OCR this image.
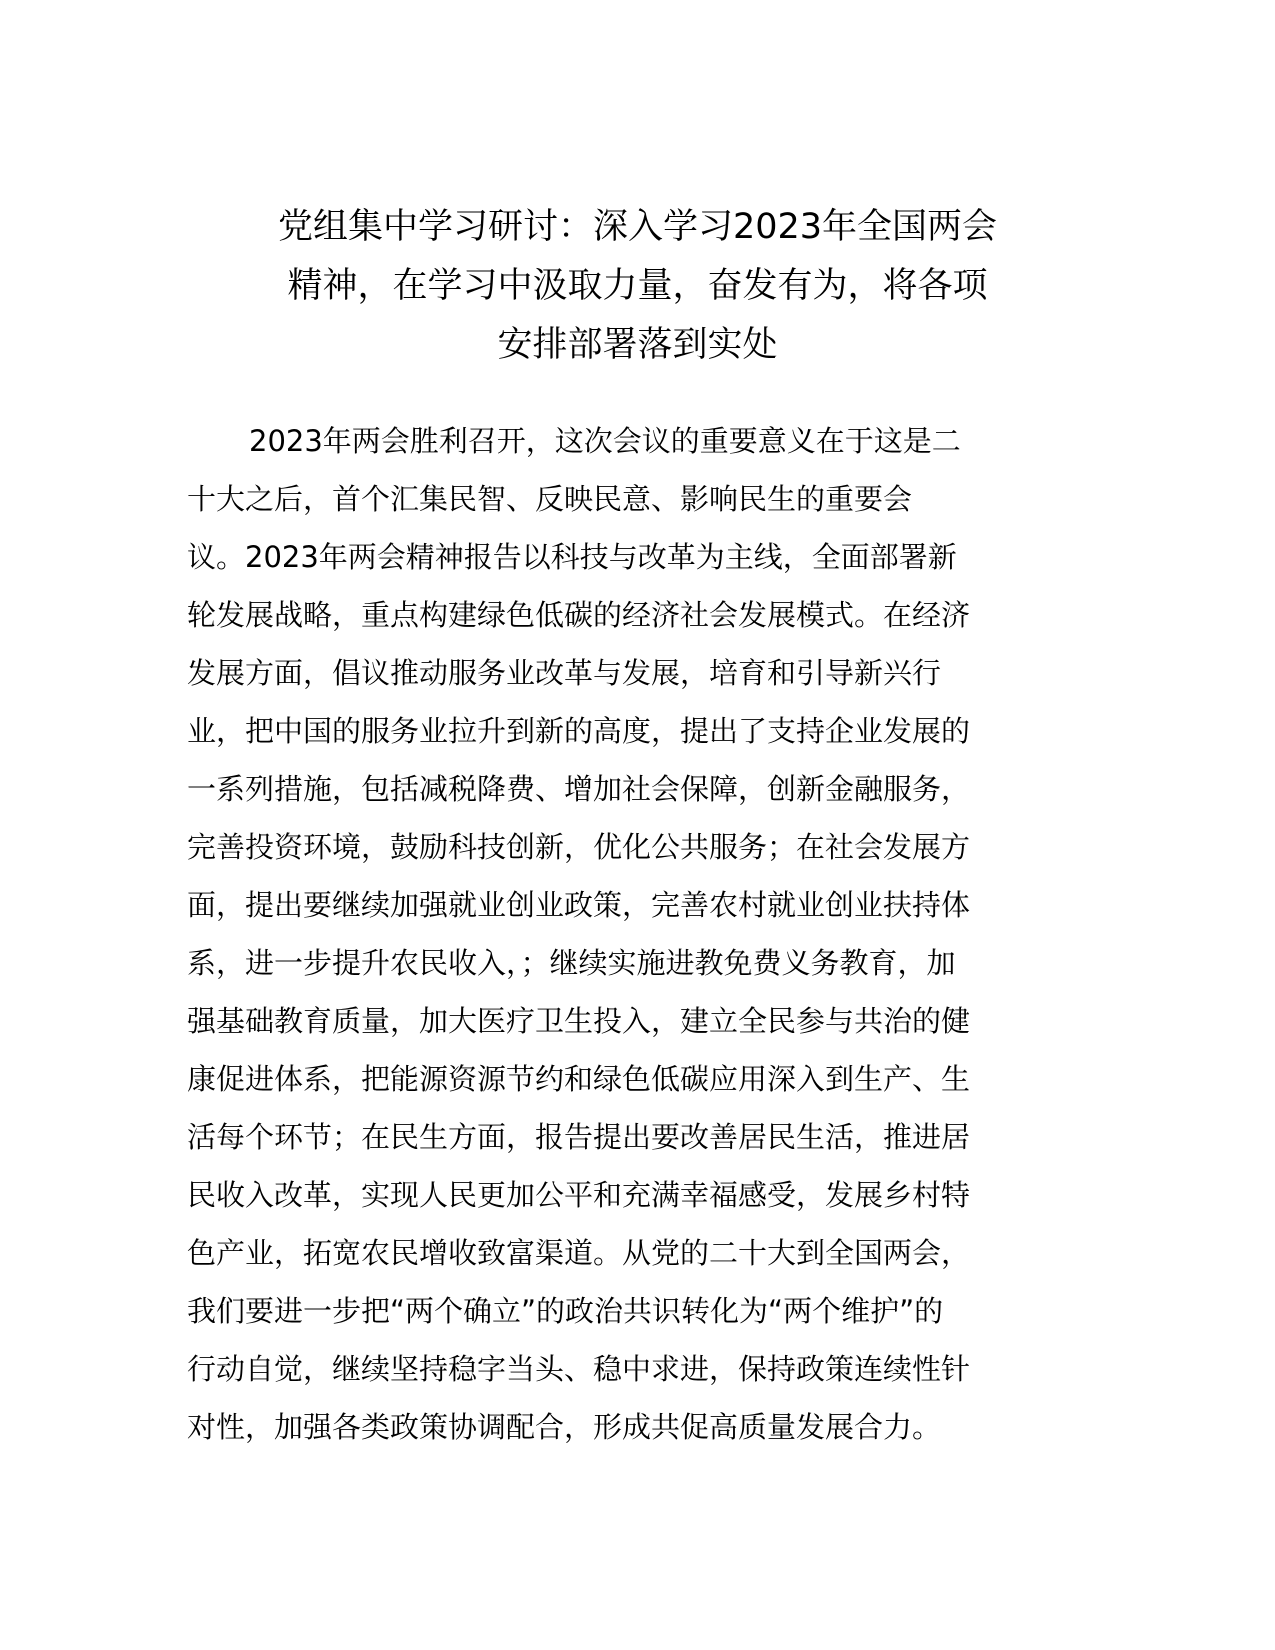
党组集中学习研讨：深入学习2023年全国两会
精神，在学习中汲取力量，奋发有为，将各项
安排部署落到实处

2023年两会胜利召开，这次会议的重要意义在于这是二
十大之后，首个汇集民智、反映民意、影响民生的重要会
议。2023年两会精神报告以科技与改革为主线，全面部署新
轮发展战略，重点构建绿色低碳的经济社会发展模式。在经济
发展方面，倡议推动服务业改革与发展，培育和引导新兴行
业，把中国的服务业拉升到新的高度，提出了支持企业发展的
一系列措施，包括减税降费、增加社会保障，创新金融服务，
完善投资环境，鼓励科技创新，优化公共服务；在社会发展方
面，提出要继续加强就业创业政策，完善农村就业创业扶持体
系，进一步提升农民收入，；继续实施进教免费义务教育，加
强基础教育质量，加大医疗卫生投入，建立全民参与共治的健
康促进体系，把能源资源节约和绿色低碳应用深入到生产、生
活每个环节；在民生方面，报告提出要改善居民生活，推进居
民收入改革，实现人民更加公平和充满幸福感受，发展乡村特
色产业，拓宽农民增收致富渠道。从党的二十大到全国两会，
我们要进一步把“两个确立”的政治共识转化为“两个维护”的
行动自觉，继续坚持稳字当头、稳中求进，保持政策连续性针
对性，加强各类政策协调配合，形成共促高质量发展合力。
